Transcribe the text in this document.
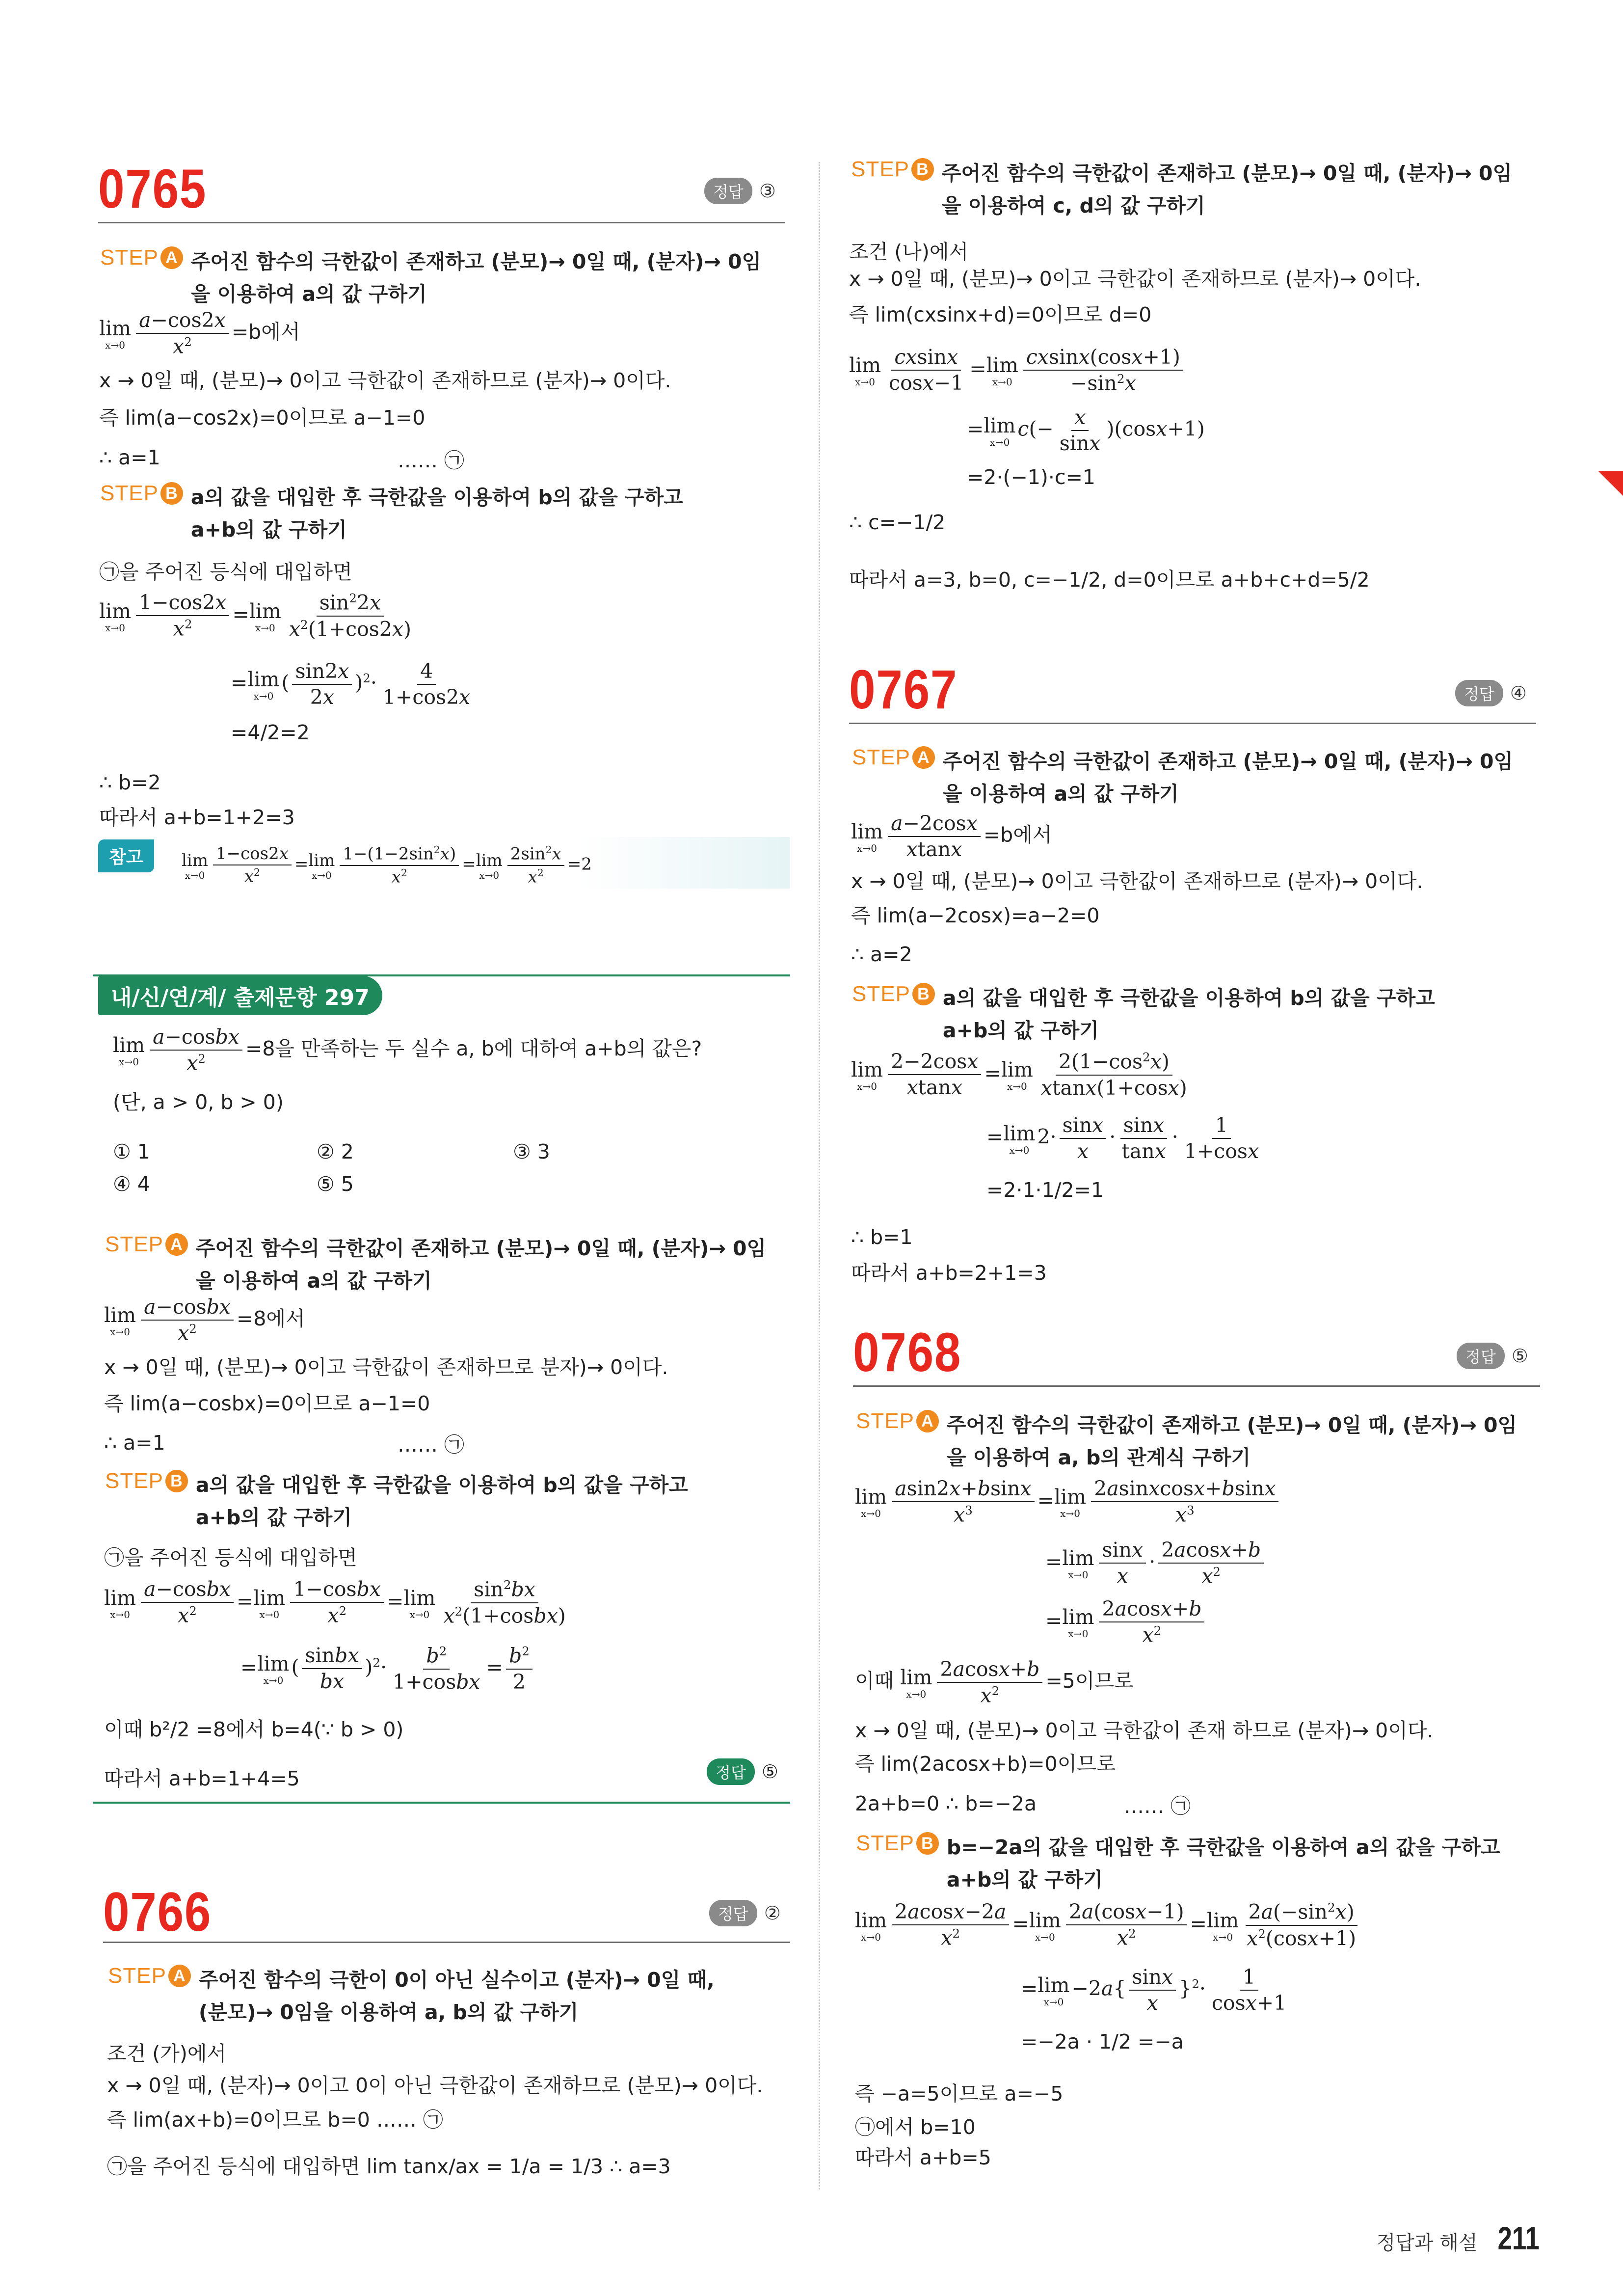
0765	정답 ③
STEP A 주어진 함수의 극한값이 존재하고 (분모)→ 0일 때, (분자)→ 0임
을 이용하여 a의 값 구하기
lim
$x\to 0 \frac{a-\cos 2x}{x^2} =b$에서
x → 0일 때, (분모)→ 0이고 극한값이 존재하므로 (분자)→ 0이다.
즉 lim(a−cos2x)=0이므로 a−1=0
∴ a=1	…… ㉠
STEP B a의 값을 대입한 후 극한값을 이용하여 b의 값을 구하고
a+b의 값 구하기
㉠을 주어진 등식에 대입하면
lim
$x\to 0 \frac{1-\cos 2x}{x^2} =\lim$
$x\to 0 \frac{\sin^22x}{x^2(1+\cos 2x)}$
=lim
x→0
( $\frac{\sin 2x}{2x} )^2\cdot \frac{4}{1+\cos 2x}$
=4/2=2
∴ b=2
따라서 a+b=1+2=3
참고	lim
$x\to 0 \frac{1-\cos 2x}{x^2} =\lim$
$x\to 0 \frac{1-(1-2\sin^2x)}{x^2} =\lim$
$x\to 0 \frac{2\sin^2x}{x^2} =2$
내/신/연/계/ 출제문항 297
lim
$x\to 0 \frac{\text{a−cosbx}}{x^2} =8$을 만족하는 두 실수 a, b에 대하여 a+b의 값은?
(단, a > 0, b > 0)
① 1	② 2	③ 3
④ 4	⑤ 5
STEP A 주어진 함수의 극한값이 존재하고 (분모)→ 0일 때, (분자)→ 0임
을 이용하여 a의 값 구하기
lim
$x\to 0 \frac{\text{a−cosbx}}{x^2} =8$에서
x → 0일 때, (분모)→ 0이고 극한값이 존재하므로 분자)→ 0이다.
즉 lim(a−cosbx)=0이므로 a−1=0
∴ a=1	…… ㉠
STEP B a의 값을 대입한 후 극한값을 이용하여 b의 값을 구하고
a+b의 값 구하기
㉠을 주어진 등식에 대입하면
lim
$x\to 0 \frac{\text{a−cosbx}}{x^2} =\lim$
$x\to 0 \frac{\text{1−cosbx}}{x^2} =\lim$
$x\to 0 \frac{\sin^2bx}{x^2(1+cosbx)}$
=lim
x→0
( $\frac{\text{sinbx}}{bx} )^2\cdot \frac{b^2}{\text{1+cosbx}} = \frac{b^2}{2}$
이때 b²/2 =8에서 b=4(∵ b > 0)
따라서 a+b=1+4=5	정답 ⑤
0766	정답 ②
STEP A 주어진 함수의 극한이 0이 아닌 실수이고 (분자)→ 0일 때,
(분모)→ 0임을 이용하여 a, b의 값 구하기
조건 (가)에서
x → 0일 때, (분자)→ 0이고 0이 아닌 극한값이 존재하므로 (분모)→ 0이다.
즉 lim(ax+b)=0이므로 b=0 …… ㉠
㉠을 주어진 등식에 대입하면 lim tanx/ax = 1/a = 1/3 ∴ a=3
STEP B 주어진 함수의 극한값이 존재하고 (분모)→ 0일 때, (분자)→ 0임
을 이용하여 c, d의 값 구하기
조건 (나)에서
x → 0일 때, (분모)→ 0이고 극한값이 존재하므로 (분자)→ 0이다.
즉 lim(cxsinx+d)=0이므로 d=0
lim
$x\to 0 \frac{cxsinx}{\cos x-1} =\lim$
$x\to 0 \frac{cxsinx(\cos x+1)}{-\sin^2x}$
=lim
x→0
$c(- \frac{x}{\sin x} )(\cos x+1)$
=2·(−1)·c=1
∴ c=−1/2
따라서 a=3, b=0, c=−1/2, d=0이므로 a+b+c+d=5/2
0767	정답 ④
STEP A 주어진 함수의 극한값이 존재하고 (분모)→ 0일 때, (분자)→ 0임
을 이용하여 a의 값 구하기
lim
$x\to 0 \frac{a-2\cos x}{xtanx} =b$에서
x → 0일 때, (분모)→ 0이고 극한값이 존재하므로 (분자)→ 0이다.
즉 lim(a−2cosx)=a−2=0
∴ a=2
STEP B a의 값을 대입한 후 극한값을 이용하여 b의 값을 구하고
a+b의 값 구하기
lim
$x\to 0 \frac{2-2\cos x}{xtanx} =\lim$
$x\to 0 \frac{2(1-\cos^2x)}{xtanx(1+\cos x)}$
=lim
x→0
$2\cdot \frac{\sin x}{x} \cdot \frac{\sin x}{\tan x} \cdot \frac{1}{1+\cos x}$
=2·1·1/2=1
∴ b=1
따라서 a+b=2+1=3
0768	정답 ⑤
STEP A 주어진 함수의 극한값이 존재하고 (분모)→ 0일 때, (분자)→ 0임
을 이용하여 a, b의 관계식 구하기
lim
$x\to 0 \frac{asin2x+bsinx}{x^3} =\lim$
$x\to 0 \frac{\text{2asinxcosx+bsinx}}{x^3}$
=lim
$x\to 0 \frac{\sin x}{x} \cdot \frac{2acosx+b}{x^2}$
=lim
$x\to 0 \frac{2acosx+b}{x^2}$
이때 lim
$x\to 0 \frac{2acosx+b}{x^2} =5$이므로
x → 0일 때, (분모)→ 0이고 극한값이 존재 하므로 (분자)→ 0이다.
즉 lim(2acosx+b)=0이므로
2a+b=0 ∴ b=−2a	…… ㉠
STEP B b=−2a의 값을 대입한 후 극한값을 이용하여 a의 값을 구하고
a+b의 값 구하기
lim
$x\to 0 \frac{2acosx-2a}{x^2} =\lim$
$x\to 0 \frac{2a(\cos x-1)}{x^2} =\lim$
$x\to 0 \frac{2a(-\sin^2x)}{x^2(\cos x+1)}$
=lim
x→0
$-2a\{ \frac{\sin x}{x} \}^2\cdot \frac{1}{\cos x+1}$
=−2a · 1/2 =−a
즉 −a=5이므로 a=−5
㉠에서 b=10
따라서 a+b=5
정답과 해설 211
